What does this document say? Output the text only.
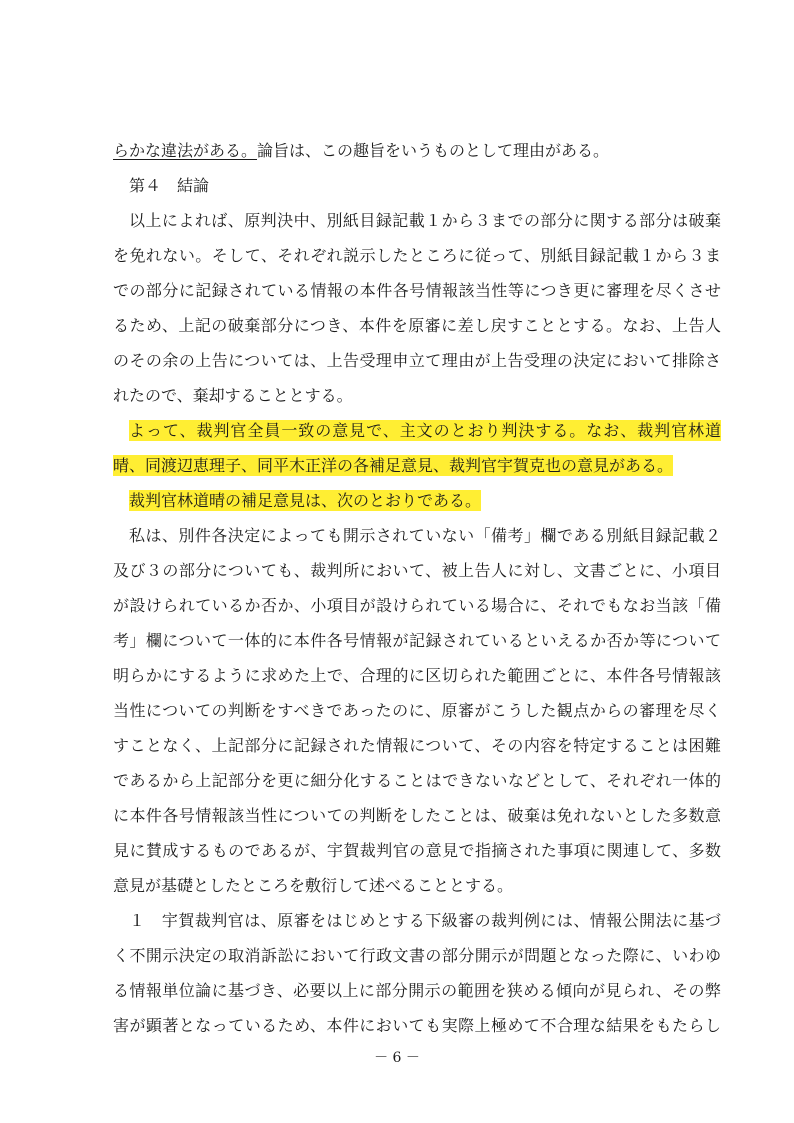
らかな違法がある。論旨は、この趣旨をいうものとして理由がある。
第４　結論
以上によれば、原判決中、別紙目録記載１から３までの部分に関する部分は破棄
を免れない。そして、それぞれ説示したところに従って、別紙目録記載１から３ま
での部分に記録されている情報の本件各号情報該当性等につき更に審理を尽くさせ
るため、上記の破棄部分につき、本件を原審に差し戻すこととする。なお、上告人
のその余の上告については、上告受理申立て理由が上告受理の決定において排除さ
れたので、棄却することとする。
よって、裁判官全員一致の意見で、主文のとおり判決する。なお、裁判官林道
晴、同渡辺恵理子、同平木正洋の各補足意見、裁判官宇賀克也の意見がある。
裁判官林道晴の補足意見は、次のとおりである。
私は、別件各決定によっても開示されていない「備考」欄である別紙目録記載２
及び３の部分についても、裁判所において、被上告人に対し、文書ごとに、小項目
が設けられているか否か、小項目が設けられている場合に、それでもなお当該「備
考」欄について一体的に本件各号情報が記録されているといえるか否か等について
明らかにするように求めた上で、合理的に区切られた範囲ごとに、本件各号情報該
当性についての判断をすべきであったのに、原審がこうした観点からの審理を尽く
すことなく、上記部分に記録された情報について、その内容を特定することは困難
であるから上記部分を更に細分化することはできないなどとして、それぞれ一体的
に本件各号情報該当性についての判断をしたことは、破棄は免れないとした多数意
見に賛成するものであるが、宇賀裁判官の意見で指摘された事項に関連して、多数
意見が基礎としたところを敷衍して述べることとする。
１　宇賀裁判官は、原審をはじめとする下級審の裁判例には、情報公開法に基づ
く不開示決定の取消訴訟において行政文書の部分開示が問題となった際に、いわゆ
る情報単位論に基づき、必要以上に部分開示の範囲を狭める傾向が見られ、その弊
害が顕著となっているため、本件においても実際上極めて不合理な結果をもたらし
－ 6 －
